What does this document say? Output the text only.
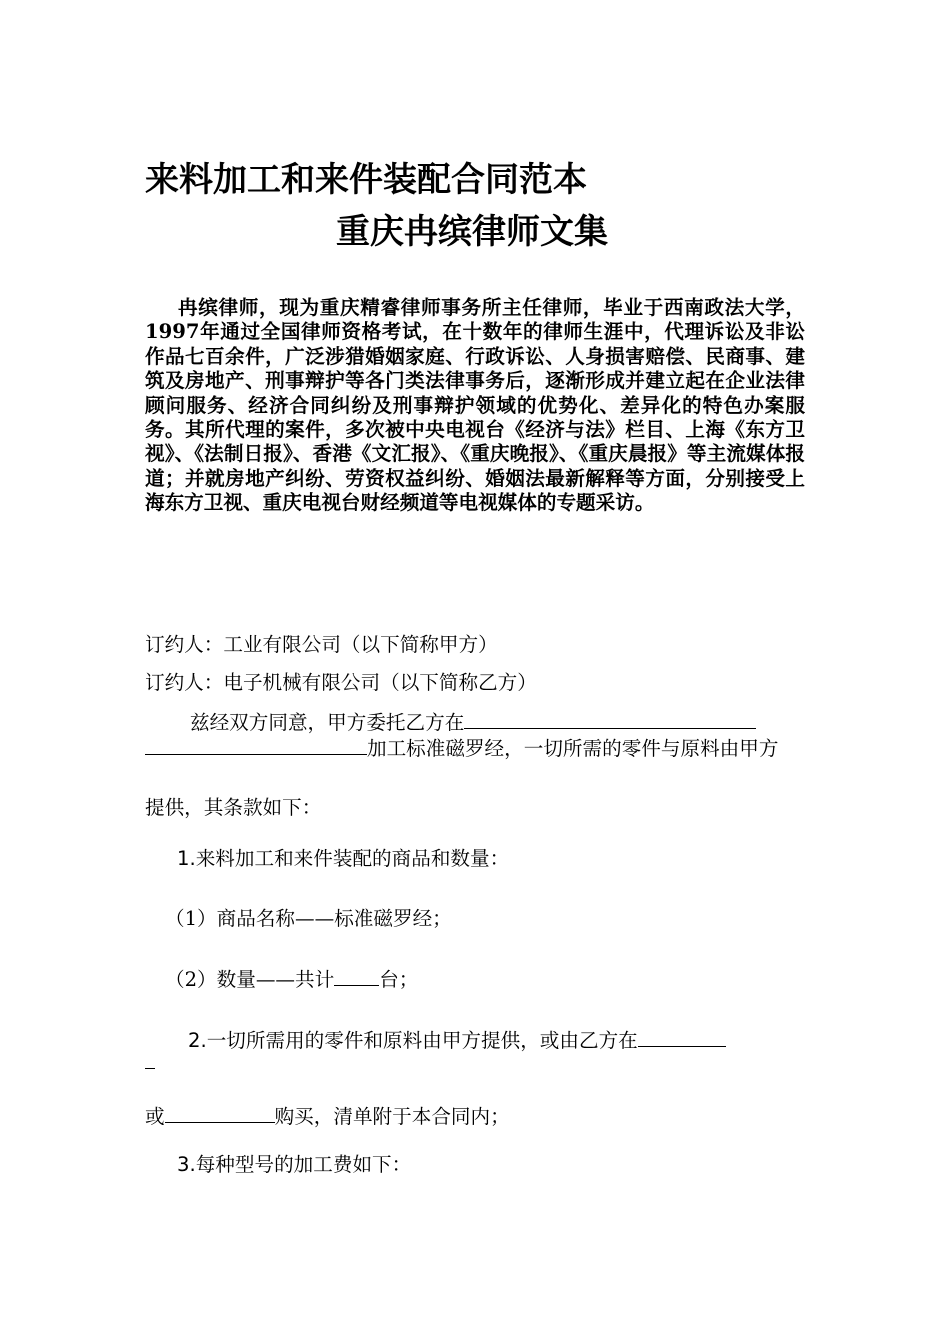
来料加工和来件装配合同范本
重庆冉缤律师文集
冉缤律师，现为重庆精睿律师事务所主任律师，毕业于西南政法大学，1997年通过全国律师资格考试，在十数年的律师生涯中，代理诉讼及非讼作品七百余件，广泛涉猎婚姻家庭、行政诉讼、人身损害赔偿、民商事、建筑及房地产、刑事辩护等各门类法律事务后，逐渐形成并建立起在企业法律顾问服务、经济合同纠纷及刑事辩护领域的优势化、差异化的特色办案服务。其所代理的案件，多次被中央电视台《经济与法》栏目、上海《东方卫视》、《法制日报》、香港《文汇报》、《重庆晚报》、《重庆晨报》等主流媒体报道；并就房地产纠纷、劳资权益纠纷、婚姻法最新解释等方面，分别接受上海东方卫视、重庆电视台财经频道等电视媒体的专题采访。
订约人：工业有限公司（以下简称甲方）
订约人：电子机械有限公司（以下简称乙方）
兹经双方同意，甲方委托乙方在
加工标准磁罗经，一切所需的零件与原料由甲方
提供，其条款如下：
1.来料加工和来件装配的商品和数量：
（1）商品名称——标准磁罗经；
（2）数量——共计 台；
2.一切所需用的零件和原料由甲方提供，或由乙方在
或	购买，清单附于本合同内；
3.每种型号的加工费如下：
